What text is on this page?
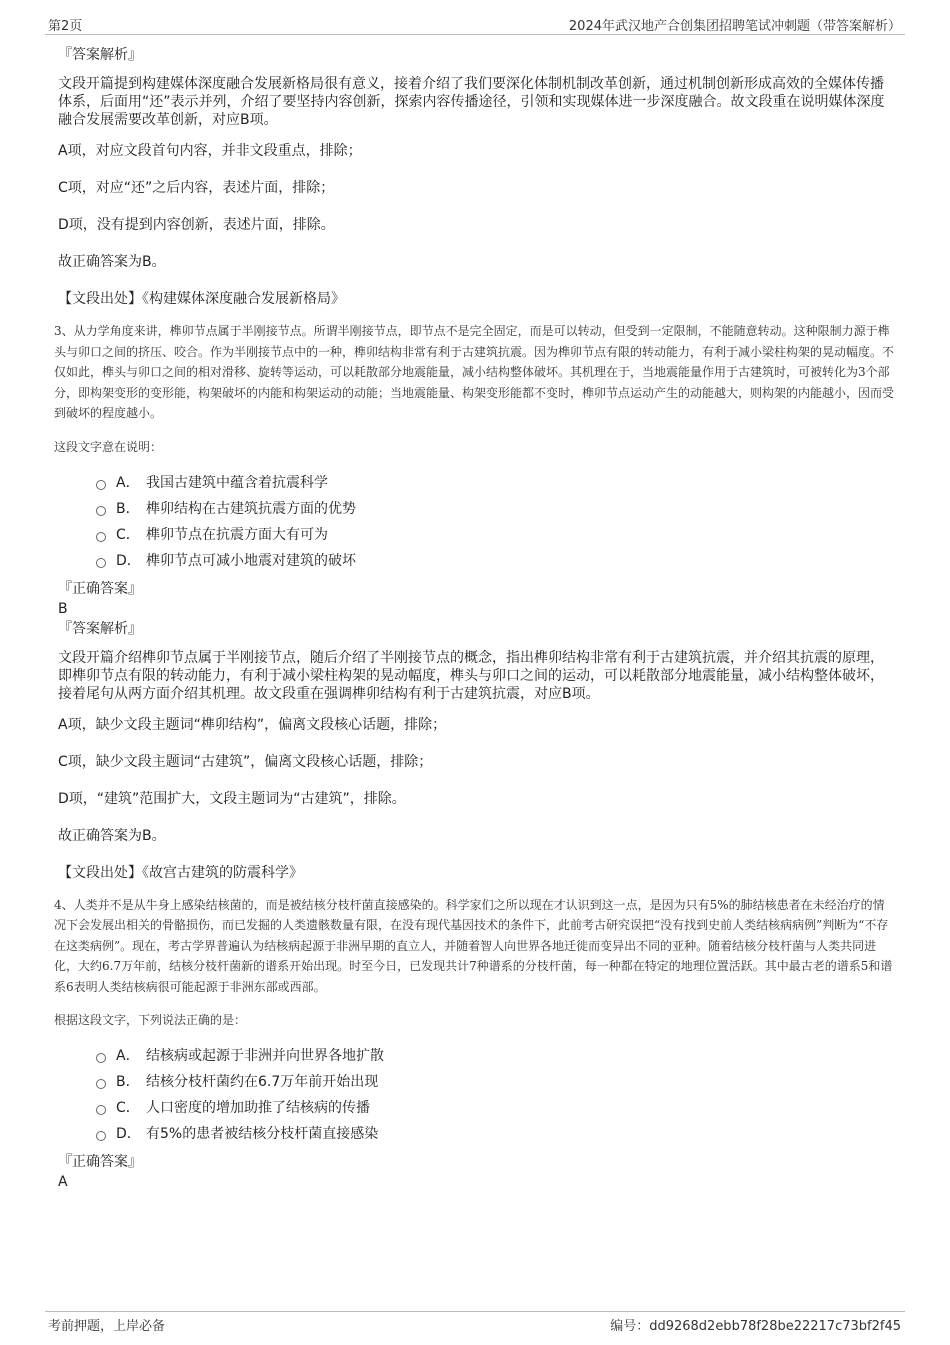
第2页	2024年武汉地产合创集团招聘笔试冲刺题（带答案解析）
『答案解析』
文段开篇提到构建媒体深度融合发展新格局很有意义，接着介绍了我们要深化体制机制改革创新，通过机制创新形成高效的全媒体传播体系，后面用“还”表示并列，介绍了要坚持内容创新，探索内容传播途径，引领和实现媒体进一步深度融合。故文段重在说明媒体深度融合发展需要改革创新，对应B项。
A项，对应文段首句内容，并非文段重点，排除；
C项，对应“还”之后内容，表述片面，排除；
D项，没有提到内容创新，表述片面，排除。
故正确答案为B。
【文段出处】《构建媒体深度融合发展新格局》
3、从力学角度来讲，榫卯节点属于半刚接节点。所谓半刚接节点，即节点不是完全固定，而是可以转动，但受到一定限制，不能随意转动。这种限制力源于榫头与卯口之间的挤压、咬合。作为半刚接节点中的一种，榫卯结构非常有利于古建筑抗震。因为榫卯节点有限的转动能力，有利于减小梁柱构架的晃动幅度。不仅如此，榫头与卯口之间的相对滑移、旋转等运动，可以耗散部分地震能量，减小结构整体破坏。其机理在于，当地震能量作用于古建筑时，可被转化为3个部分，即构架变形的变形能，构架破坏的内能和构架运动的动能；当地震能量、构架变形能都不变时，榫卯节点运动产生的动能越大，则构架的内能越小，因而受到破坏的程度越小。
这段文字意在说明：
A． 我国古建筑中蕴含着抗震科学
B． 榫卯结构在古建筑抗震方面的优势
C． 榫卯节点在抗震方面大有可为
D． 榫卯节点可减小地震对建筑的破坏
『正确答案』
B
『答案解析』
文段开篇介绍榫卯节点属于半刚接节点，随后介绍了半刚接节点的概念，指出榫卯结构非常有利于古建筑抗震，并介绍其抗震的原理，即榫卯节点有限的转动能力，有利于减小梁柱构架的晃动幅度，榫头与卯口之间的运动，可以耗散部分地震能量，减小结构整体破坏，接着尾句从两方面介绍其机理。故文段重在强调榫卯结构有利于古建筑抗震，对应B项。
A项，缺少文段主题词“榫卯结构”，偏离文段核心话题，排除；
C项，缺少文段主题词“古建筑”，偏离文段核心话题，排除；
D项，“建筑”范围扩大，文段主题词为“古建筑”，排除。
故正确答案为B。
【文段出处】《故宫古建筑的防震科学》
4、人类并不是从牛身上感染结核菌的，而是被结核分枝杆菌直接感染的。科学家们之所以现在才认识到这一点，是因为只有5%的肺结核患者在未经治疗的情况下会发展出相关的骨骼损伤，而已发掘的人类遗骸数量有限，在没有现代基因技术的条件下，此前考古研究误把“没有找到史前人类结核病病例”判断为“不存在这类病例”。现在，考古学界普遍认为结核病起源于非洲早期的直立人，并随着智人向世界各地迁徙而变异出不同的亚种。随着结核分枝杆菌与人类共同进化，大约6.7万年前，结核分枝杆菌新的谱系开始出现。时至今日，已发现共计7种谱系的分枝杆菌，每一种都在特定的地理位置活跃。其中最古老的谱系5和谱系6表明人类结核病很可能起源于非洲东部或西部。
根据这段文字，下列说法正确的是：
A． 结核病或起源于非洲并向世界各地扩散
B． 结核分枝杆菌约在6.7万年前开始出现
C． 人口密度的增加助推了结核病的传播
D． 有5%的患者被结核分枝杆菌直接感染
『正确答案』
A
考前押题，上岸必备	编号：dd9268d2ebb78f28be22217c73bf2f45
